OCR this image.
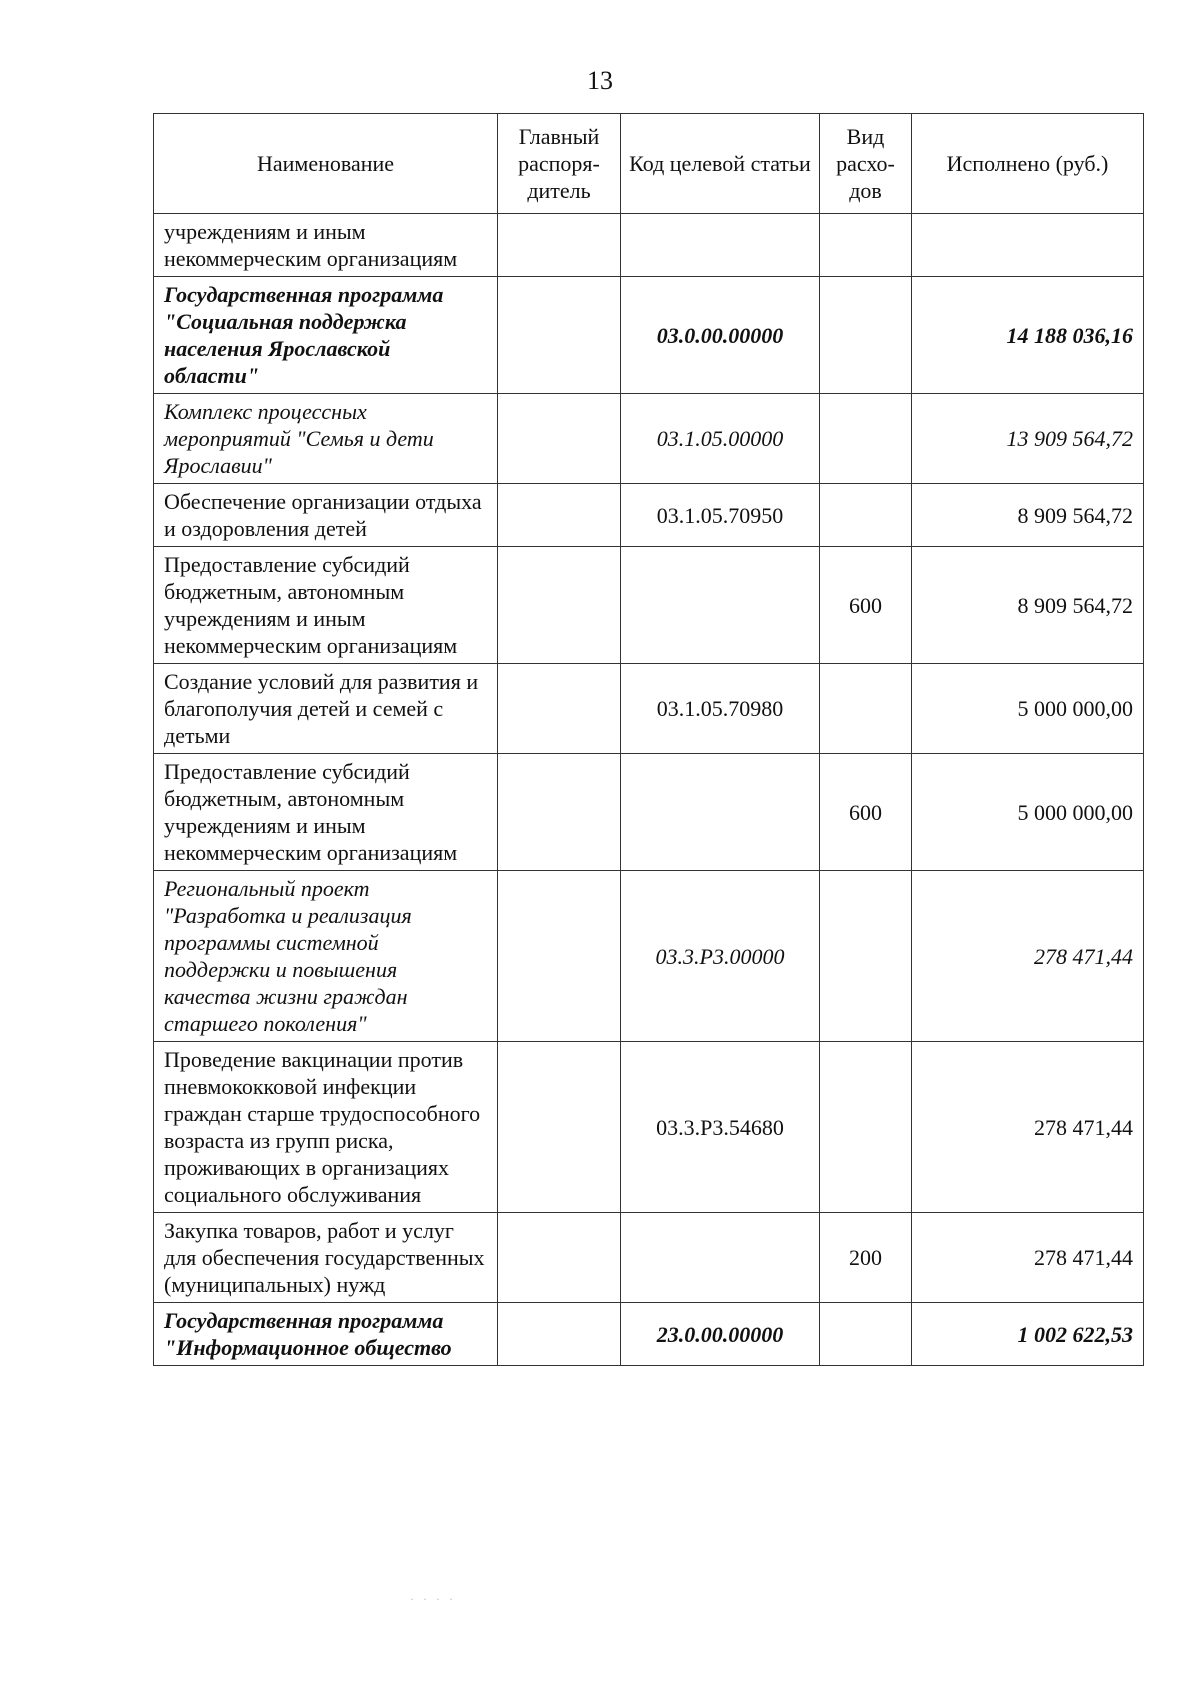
13
Наименование	Главный распоря-дитель	Код целевой статьи	Вид расхо-дов	Исполнено (руб.)
учреждениям и иным некоммерческим организациям				
Государственная программа "Социальная поддержка населения Ярославской области"		03.0.00.00000		14 188 036,16
Комплекс процессных мероприятий "Семья и дети Ярославии"		03.1.05.00000		13 909 564,72
Обеспечение организации отдыха и оздоровления детей		03.1.05.70950		8 909 564,72
Предоставление субсидий бюджетным, автономным учреждениям и иным некоммерческим организациям			600	8 909 564,72
Создание условий для развития и благополучия детей и семей с детьми		03.1.05.70980		5 000 000,00
Предоставление субсидий бюджетным, автономным учреждениям и иным некоммерческим организациям			600	5 000 000,00
Региональный проект "Разработка и реализация программы системной поддержки и повышения качества жизни граждан старшего поколения"		03.3.P3.00000		278 471,44
Проведение вакцинации против пневмококковой инфекции граждан старше трудоспособного возраста из групп риска, проживающих в организациях социального обслуживания		03.3.P3.54680		278 471,44
Закупка товаров, работ и услуг для обеспечения государственных (муниципальных) нужд			200	278 471,44
Государственная программа "Информационное общество		23.0.00.00000		1 002 622,53
· · · ·
